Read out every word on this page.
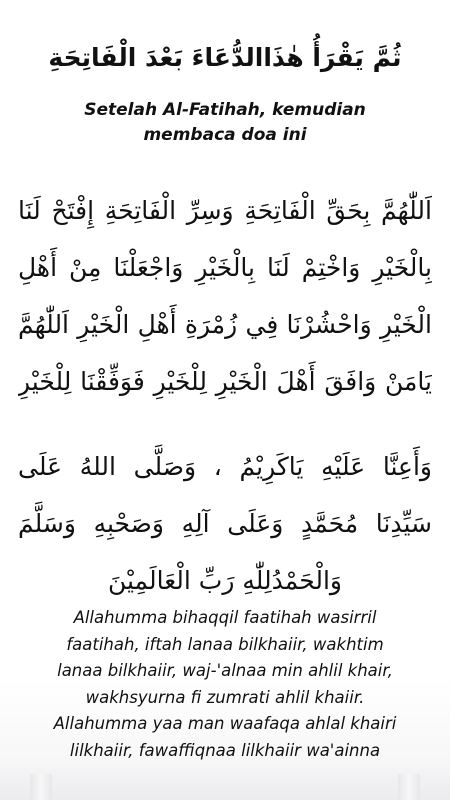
ثُمَّ يَقْرَأُ هٰذَاالدُّعَاءَ بَعْدَ الْفَاتِحَةِ
Setelah Al-Fatihah, kemudian
membaca doa ini
اَللّٰهُمَّ بِحَقِّ الْفَاتِحَةِ وَسِرِّ الْفَاتِحَةِ إِفْتَحْ لَنَا
بِالْخَيْرِ وَاخْتِمْ لَنَا بِالْخَيْرِ وَاجْعَلْنَا مِنْ أَهْلِ
الْخَيْرِ وَاحْشُرْنَا فِي زُمْرَةِ أَهْلِ الْخَيْرِ اَللّٰهُمَّ
يَامَنْ وَافَقَ أَهْلَ الْخَيْرِ لِلْخَيْرِ فَوَفِّقْنَا لِلْخَيْرِ
وَأَعِنَّا عَلَيْهِ يَاكَرِيْمُ ، وَصَلَّى اللهُ عَلَى
سَيِّدِنَا مُحَمَّدٍ وَعَلَى آلِهِ وَصَحْبِهِ وَسَلَّمَ
وَالْحَمْدُلِلّٰهِ رَبِّ الْعَالَمِيْنَ
Allahumma bihaqqil faatihah wasirril
faatihah, iftah lanaa bilkhaiir, wakhtim
lanaa bilkhaiir, waj-'alnaa min ahlil khair,
wakhsyurna fi zumrati ahlil khaiir.
Allahumma yaa man waafaqa ahlal khairi
lilkhaiir, fawaffiqnaa lilkhaiir wa'ainna
